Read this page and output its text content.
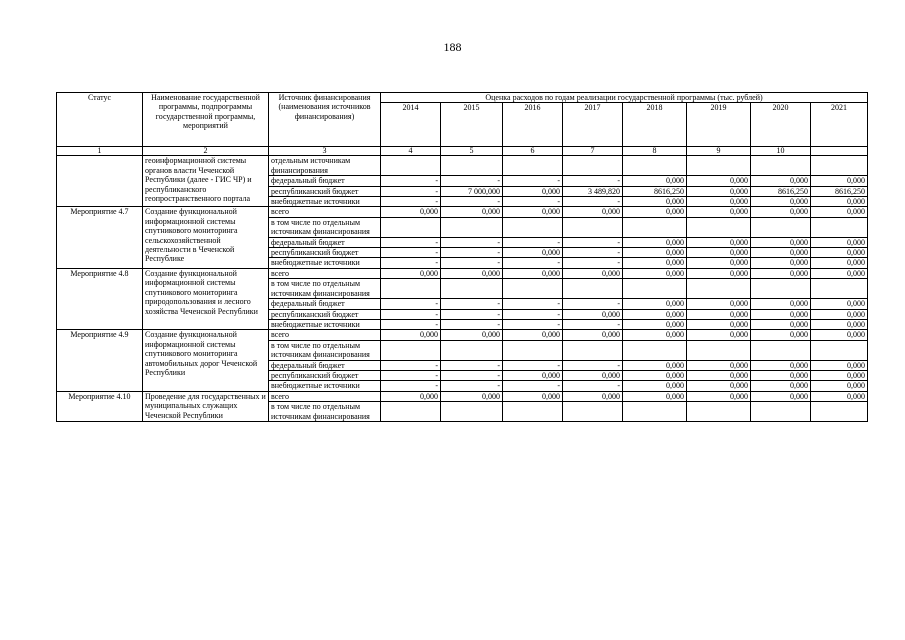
188
Статус	Наименование государственной программы, подпрограммы государственной программы, мероприятий	Источник финансирования (наименования источников финансирования)	Оценка расходов по годам реализации государственной программы (тыс. рублей)							
			2014	2015	2016	2017	2018	2019	2020	2021
1	2	3	4	5	6	7	8	9	10	
	геоинформационной системы органов власти Чеченской Республики (далее - ГИС ЧР) и республиканского геопространственного портала	отдельным источникам финансирования								
		федеральный бюджет	-	-	-	-	0,000	0,000	0,000	0,000
		республиканский бюджет	-	7 000,000	0,000	3 489,820	8616,250	0,000	8616,250	8616,250
		внебюджетные источники	-	-	-	-	0,000	0,000	0,000	0,000
Мероприятие 4.7	Создание функциональной информационной системы спутникового мониторинга сельскохозяйственной деятельности в Чеченской Республике	всего	0,000	0,000	0,000	0,000	0,000	0,000	0,000	0,000
		в том числе по отдельным источникам финансирования								
		федеральный бюджет	-	-	-	-	0,000	0,000	0,000	0,000
		республиканский бюджет	-	-	0,000	-	0,000	0,000	0,000	0,000
		внебюджетные источники	-	-	-	-	0,000	0,000	0,000	0,000
Мероприятие 4.8	Создание функциональной информационной системы спутникового мониторинга природопользования и лесного хозяйства Чеченской Республики	всего	0,000	0,000	0,000	0,000	0,000	0,000	0,000	0,000
		в том числе по отдельным источникам финансирования								
		федеральный бюджет	-	-	-	-	0,000	0,000	0,000	0,000
		республиканский бюджет	-	-	-	0,000	0,000	0,000	0,000	0,000
		внебюджетные источники	-	-	-	-	0,000	0,000	0,000	0,000
Мероприятие 4.9	Создание функциональной информационной системы спутникового мониторинга автомобильных дорог Чеченской Республики	всего	0,000	0,000	0,000	0,000	0,000	0,000	0,000	0,000
		в том числе по отдельным источникам финансирования								
		федеральный бюджет	-	-	-	-	0,000	0,000	0,000	0,000
		республиканский бюджет	-	-	0,000	0,000	0,000	0,000	0,000	0,000
		внебюджетные источники	-	-	-	-	0,000	0,000	0,000	0,000
Мероприятие 4.10	Проведение для государственных и муниципальных служащих Чеченской Республики	всего	0,000	0,000	0,000	0,000	0,000	0,000	0,000	0,000
		в том числе по отдельным источникам финансирования								
